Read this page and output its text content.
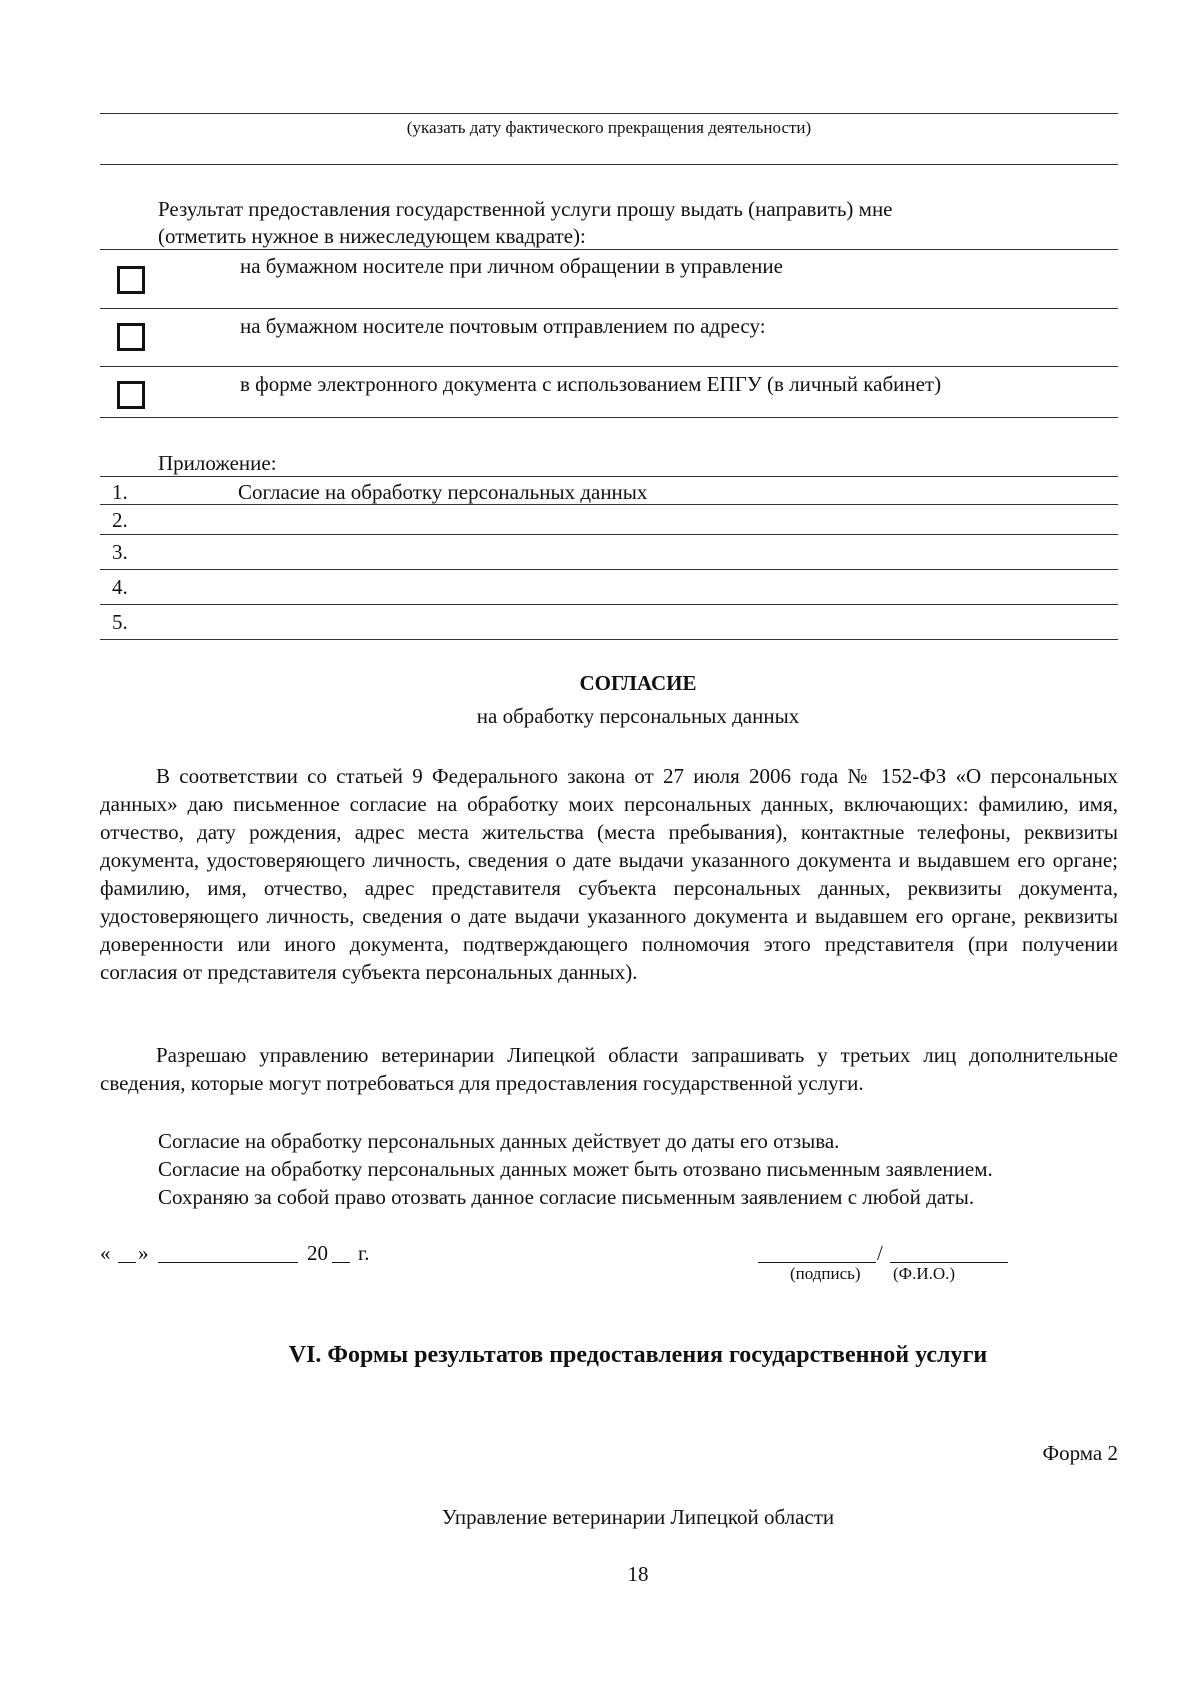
(указать дату фактического прекращения деятельности)
Результат предоставления государственной услуги прошу выдать (направить) мне
(отметить нужное в нижеследующем квадрате):
на бумажном носителе при личном обращении в управление
на бумажном носителе почтовым отправлением по адресу:
в форме электронного документа с использованием ЕПГУ (в личный кабинет)
Приложение:
1.	Согласие на обработку персональных данных
2.
3.
4.
5.
СОГЛАСИЕ
на обработку персональных данных
В соответствии со статьей 9 Федерального закона от 27 июля 2006 года № 152-ФЗ «О персональных данных» даю письменное согласие на обработку моих персональных данных, включающих: фамилию, имя, отчество, дату рождения, адрес места жительства (места пребывания), контактные телефоны, реквизиты документа, удостоверяющего личность, сведения о дате выдачи указанного документа и выдавшем его органе; фамилию, имя, отчество, адрес представителя субъекта персональных данных, реквизиты документа, удостоверяющего личность, сведения о дате выдачи указанного документа и выдавшем его органе, реквизиты доверенности или иного документа, подтверждающего полномочия этого представителя (при получении согласия от представителя субъекта персональных данных).
Разрешаю управлению ветеринарии Липецкой области запрашивать у третьих лиц дополнительные сведения, которые могут потребоваться для предоставления государственной услуги.
Согласие на обработку персональных данных действует до даты его отзыва.
Согласие на обработку персональных данных может быть отозвано письменным заявлением.
Сохраняю за собой право отозвать данное согласие письменным заявлением с любой даты.
« »	20 г.	/
(подпись) (Ф.И.О.)
VI. Формы результатов предоставления государственной услуги
Форма 2
Управление ветеринарии Липецкой области
18
